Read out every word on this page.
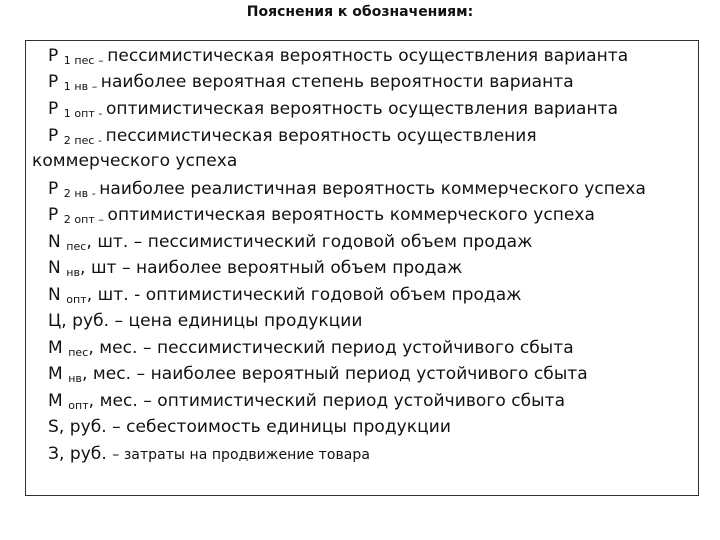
Пояснения к обозначениям:
Р 1 пес – пессимистическая вероятность осуществления варианта
Р 1 нв – наиболее вероятная степень вероятности варианта
Р 1 опт - оптимистическая вероятность осуществления варианта
Р 2 пес - пессимистическая вероятность осуществления
коммерческого успеха
Р 2 нв - наиболее реалистичная вероятность коммерческого успеха
Р 2 опт – оптимистическая вероятность коммерческого успеха
N пес, шт. – пессимистический годовой объем продаж
N нв, шт – наиболее вероятный объем продаж
N опт, шт. - оптимистический годовой объем продаж
Ц, руб. – цена единицы продукции
М пес, мес. – пессимистический период устойчивого сбыта
М нв, мес. – наиболее вероятный период устойчивого сбыта
М опт, мес. – оптимистический период устойчивого сбыта
S, руб. – себестоимость единицы продукции
З, руб. – затраты на продвижение товара
